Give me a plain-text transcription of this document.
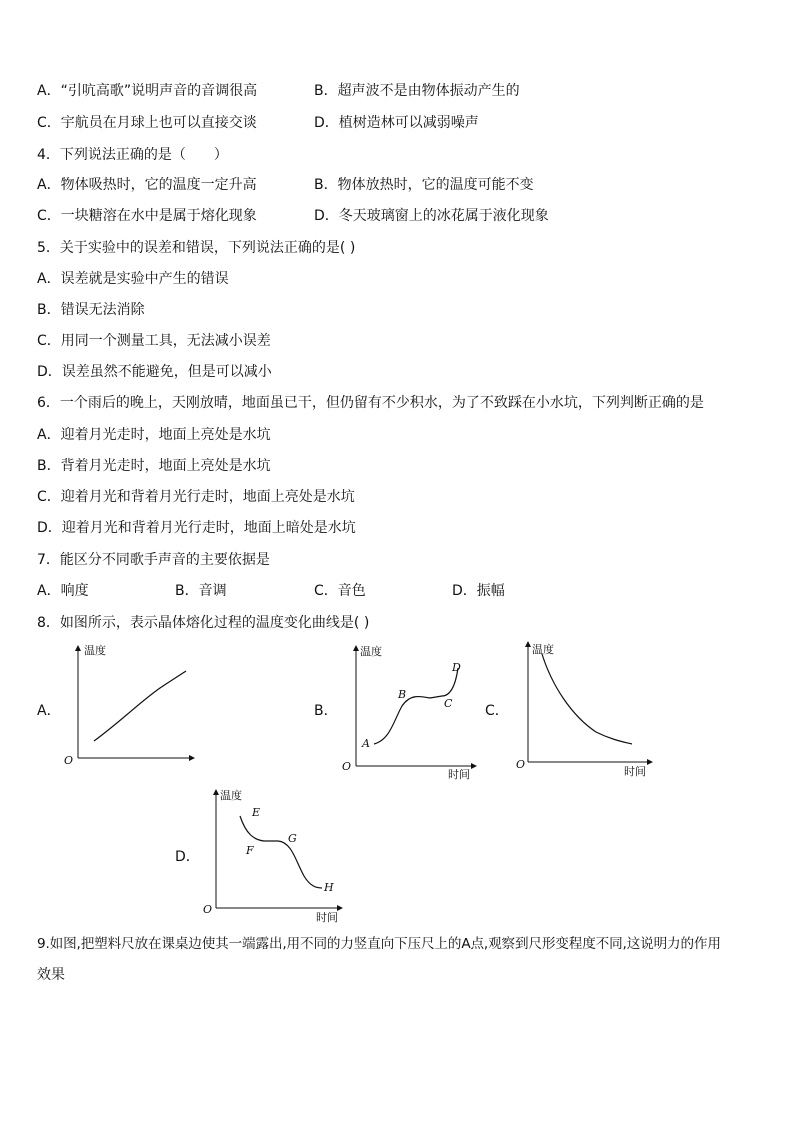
A．“引吭高歌”说明声音的音调很高	B．超声波不是由物体振动产生的
C．宇航员在月球上也可以直接交谈	D．植树造林可以减弱噪声
4．下列说法正确的是（　　）
A．物体吸热时，它的温度一定升高	B．物体放热时，它的温度可能不变
C．一块糖溶在水中是属于熔化现象	D．冬天玻璃窗上的冰花属于液化现象
5．关于实验中的误差和错误，下列说法正确的是( )
A．误差就是实验中产生的错误
B．错误无法消除
C．用同一个测量工具，无法减小误差
D．误差虽然不能避免，但是可以减小
6．一个雨后的晚上，天刚放晴，地面虽已干，但仍留有不少积水，为了不致踩在小水坑，下列判断正确的是
A．迎着月光走时，地面上亮处是水坑
B．背着月光走时，地面上亮处是水坑
C．迎着月光和背着月光行走时，地面上亮处是水坑
D．迎着月光和背着月光行走时，地面上暗处是水坑
7．能区分不同歌手声音的主要依据是
A．响度	B．音调	C．音色	D．振幅
8．如图所示，表示晶体熔化过程的温度变化曲线是( )
A．	B．	C．
D．
温度
O
温度
时间
O
A
B
C
D
温度
时间
O
温度
时间
O
E
F
G
H
9.如图,把塑料尺放在课桌边使其一端露出,用不同的力竖直向下压尺上的A点,观察到尺形变程度不同,这说明力的作用
效果
